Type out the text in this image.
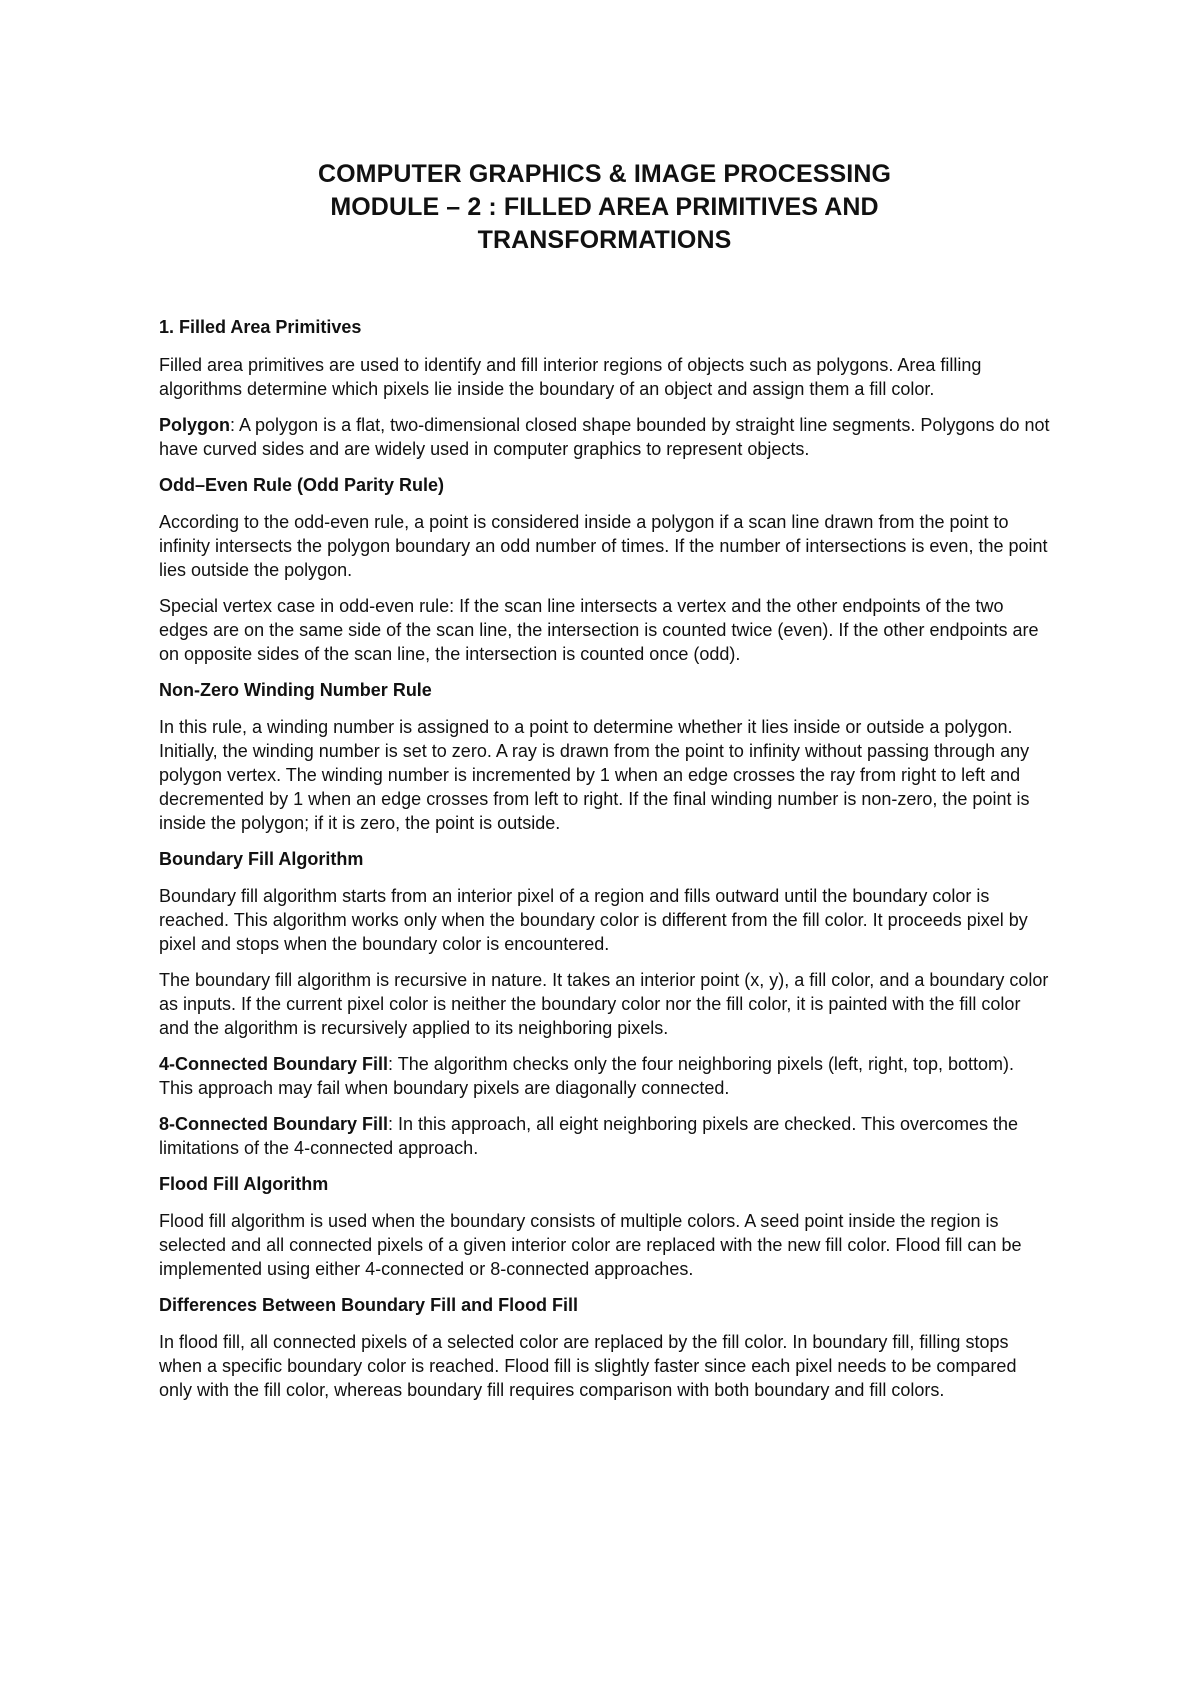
COMPUTER GRAPHICS & IMAGE PROCESSING
MODULE – 2 : FILLED AREA PRIMITIVES AND
TRANSFORMATIONS
1. Filled Area Primitives

Filled area primitives are used to identify and fill interior regions of objects such as polygons. Area filling algorithms determine which pixels lie inside the boundary of an object and assign them a fill color.

Polygon: A polygon is a flat, two-dimensional closed shape bounded by straight line segments. Polygons do not have curved sides and are widely used in computer graphics to represent objects.

Odd–Even Rule (Odd Parity Rule)

According to the odd-even rule, a point is considered inside a polygon if a scan line drawn from the point to infinity intersects the polygon boundary an odd number of times. If the number of intersections is even, the point lies outside the polygon.

Special vertex case in odd-even rule: If the scan line intersects a vertex and the other endpoints of the two edges are on the same side of the scan line, the intersection is counted twice (even). If the other endpoints are on opposite sides of the scan line, the intersection is counted once (odd).

Non-Zero Winding Number Rule

In this rule, a winding number is assigned to a point to determine whether it lies inside or outside a polygon. Initially, the winding number is set to zero. A ray is drawn from the point to infinity without passing through any polygon vertex. The winding number is incremented by 1 when an edge crosses the ray from right to left and decremented by 1 when an edge crosses from left to right. If the final winding number is non-zero, the point is inside the polygon; if it is zero, the point is outside.

Boundary Fill Algorithm

Boundary fill algorithm starts from an interior pixel of a region and fills outward until the boundary color is reached. This algorithm works only when the boundary color is different from the fill color. It proceeds pixel by pixel and stops when the boundary color is encountered.

The boundary fill algorithm is recursive in nature. It takes an interior point (x, y), a fill color, and a boundary color as inputs. If the current pixel color is neither the boundary color nor the fill color, it is painted with the fill color and the algorithm is recursively applied to its neighboring pixels.

4-Connected Boundary Fill: The algorithm checks only the four neighboring pixels (left, right, top, bottom). This approach may fail when boundary pixels are diagonally connected.

8-Connected Boundary Fill: In this approach, all eight neighboring pixels are checked. This overcomes the limitations of the 4-connected approach.

Flood Fill Algorithm

Flood fill algorithm is used when the boundary consists of multiple colors. A seed point inside the region is selected and all connected pixels of a given interior color are replaced with the new fill color. Flood fill can be implemented using either 4-connected or 8-connected approaches.

Differences Between Boundary Fill and Flood Fill

In flood fill, all connected pixels of a selected color are replaced by the fill color. In boundary fill, filling stops when a specific boundary color is reached. Flood fill is slightly faster since each pixel needs to be compared only with the fill color, whereas boundary fill requires comparison with both boundary and fill colors.
